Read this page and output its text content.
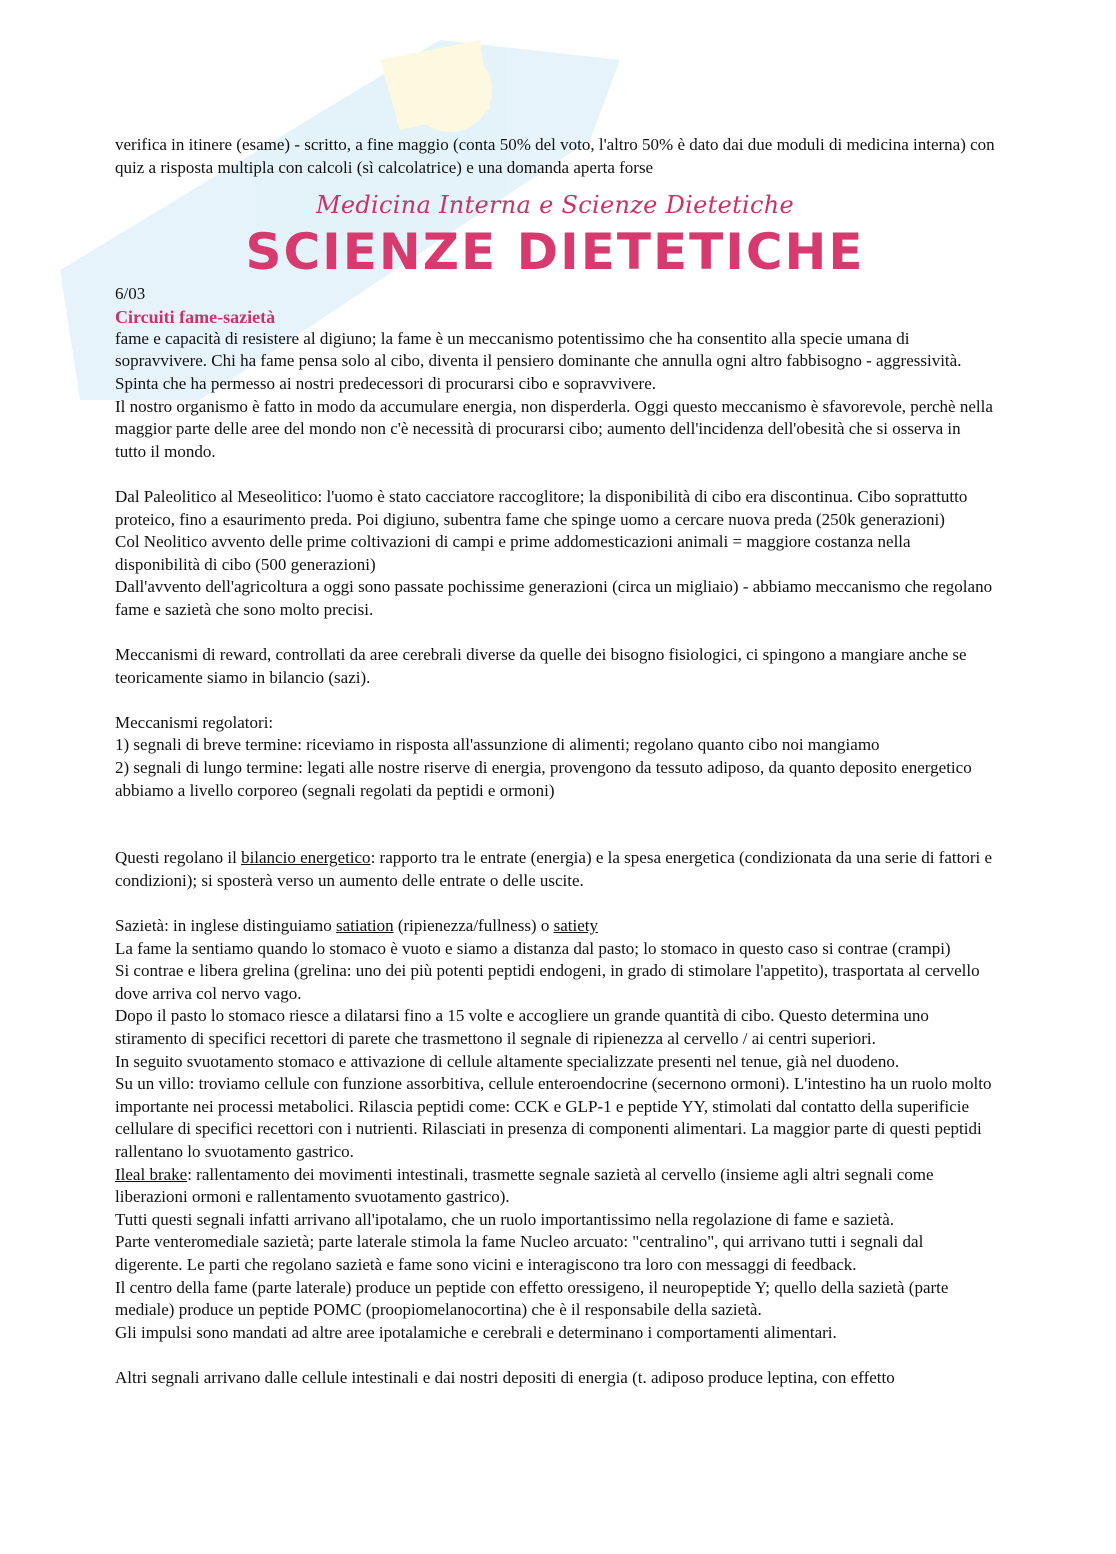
verifica in itinere (esame) - scritto, a fine maggio (conta 50% del voto, l'altro 50% è dato dai due moduli di medicina interna) con quiz a risposta multipla con calcoli (sì calcolatrice) e una domanda aperta forse

Medicina Interna e Scienze Dietetiche
SCIENZE DIETETICHE

6/03

Circuiti fame-sazietà

fame e capacità di resistere al digiuno; la fame è un meccanismo potentissimo che ha consentito alla specie umana di sopravvivere. Chi ha fame pensa solo al cibo, diventa il pensiero dominante che annulla ogni altro fabbisogno - aggressività. Spinta che ha permesso ai nostri predecessori di procurarsi cibo e sopravvivere.

Il nostro organismo è fatto in modo da accumulare energia, non disperderla. Oggi questo meccanismo è sfavorevole, perchè nella maggior parte delle aree del mondo non c'è necessità di procurarsi cibo; aumento dell'incidenza dell'obesità che si osserva in tutto il mondo.

Dal Paleolitico al Meseolitico: l'uomo è stato cacciatore raccoglitore; la disponibilità di cibo era discontinua. Cibo soprattutto proteico, fino a esaurimento preda. Poi digiuno, subentra fame che spinge uomo a cercare nuova preda (250k generazioni)

Col Neolitico avvento delle prime coltivazioni di campi e prime addomesticazioni animali = maggiore costanza nella disponibilità di cibo (500 generazioni)

Dall'avvento dell'agricoltura a oggi sono passate pochissime generazioni (circa un migliaio) - abbiamo meccanismo che regolano fame e sazietà che sono molto precisi.

Meccanismi di reward, controllati da aree cerebrali diverse da quelle dei bisogno fisiologici, ci spingono a mangiare anche se teoricamente siamo in bilancio (sazi).

Meccanismi regolatori:

1) segnali di breve termine: riceviamo in risposta all'assunzione di alimenti; regolano quanto cibo noi mangiamo

2) segnali di lungo termine: legati alle nostre riserve di energia, provengono da tessuto adiposo, da quanto deposito energetico abbiamo a livello corporeo (segnali regolati da peptidi e ormoni)

Questi regolano il bilancio energetico: rapporto tra le entrate (energia) e la spesa energetica (condizionata da una serie di fattori e condizioni); si sposterà verso un aumento delle entrate o delle uscite.

Sazietà: in inglese distinguiamo satiation (ripienezza/fullness) o satiety

La fame la sentiamo quando lo stomaco è vuoto e siamo a distanza dal pasto; lo stomaco in questo caso si contrae (crampi)

Si contrae e libera grelina (grelina: uno dei più potenti peptidi endogeni, in grado di stimolare l'appetito), trasportata al cervello dove arriva col nervo vago.

Dopo il pasto lo stomaco riesce a dilatarsi fino a 15 volte e accogliere un grande quantità di cibo. Questo determina uno stiramento di specifici recettori di parete che trasmettono il segnale di ripienezza al cervello / ai centri superiori.

In seguito svuotamento stomaco e attivazione di cellule altamente specializzate presenti nel tenue, già nel duodeno.

Su un villo: troviamo cellule con funzione assorbitiva, cellule enteroendocrine (secernono ormoni). L'intestino ha un ruolo molto importante nei processi metabolici. Rilascia peptidi come: CCK e GLP-1 e peptide YY, stimolati dal contatto della superificie cellulare di specifici recettori con i nutrienti. Rilasciati in presenza di componenti alimentari. La maggior parte di questi peptidi rallentano lo svuotamento gastrico.

Ileal brake: rallentamento dei movimenti intestinali, trasmette segnale sazietà al cervello (insieme agli altri segnali come liberazioni ormoni e rallentamento svuotamento gastrico).

Tutti questi segnali infatti arrivano all'ipotalamo, che un ruolo importantissimo nella regolazione di fame e sazietà.

Parte venteromediale sazietà; parte laterale stimola la fame Nucleo arcuato: "centralino", qui arrivano tutti i segnali dal digerente. Le parti che regolano sazietà e fame sono vicini e interagiscono tra loro con messaggi di feedback.

Il centro della fame (parte laterale) produce un peptide con effetto oressigeno, il neuropeptide Y; quello della sazietà (parte mediale) produce un peptide POMC (proopiomelanocortina) che è il responsabile della sazietà.

Gli impulsi sono mandati ad altre aree ipotalamiche e cerebrali e determinano i comportamenti alimentari.

Altri segnali arrivano dalle cellule intestinali e dai nostri depositi di energia (t. adiposo produce leptina, con effetto
